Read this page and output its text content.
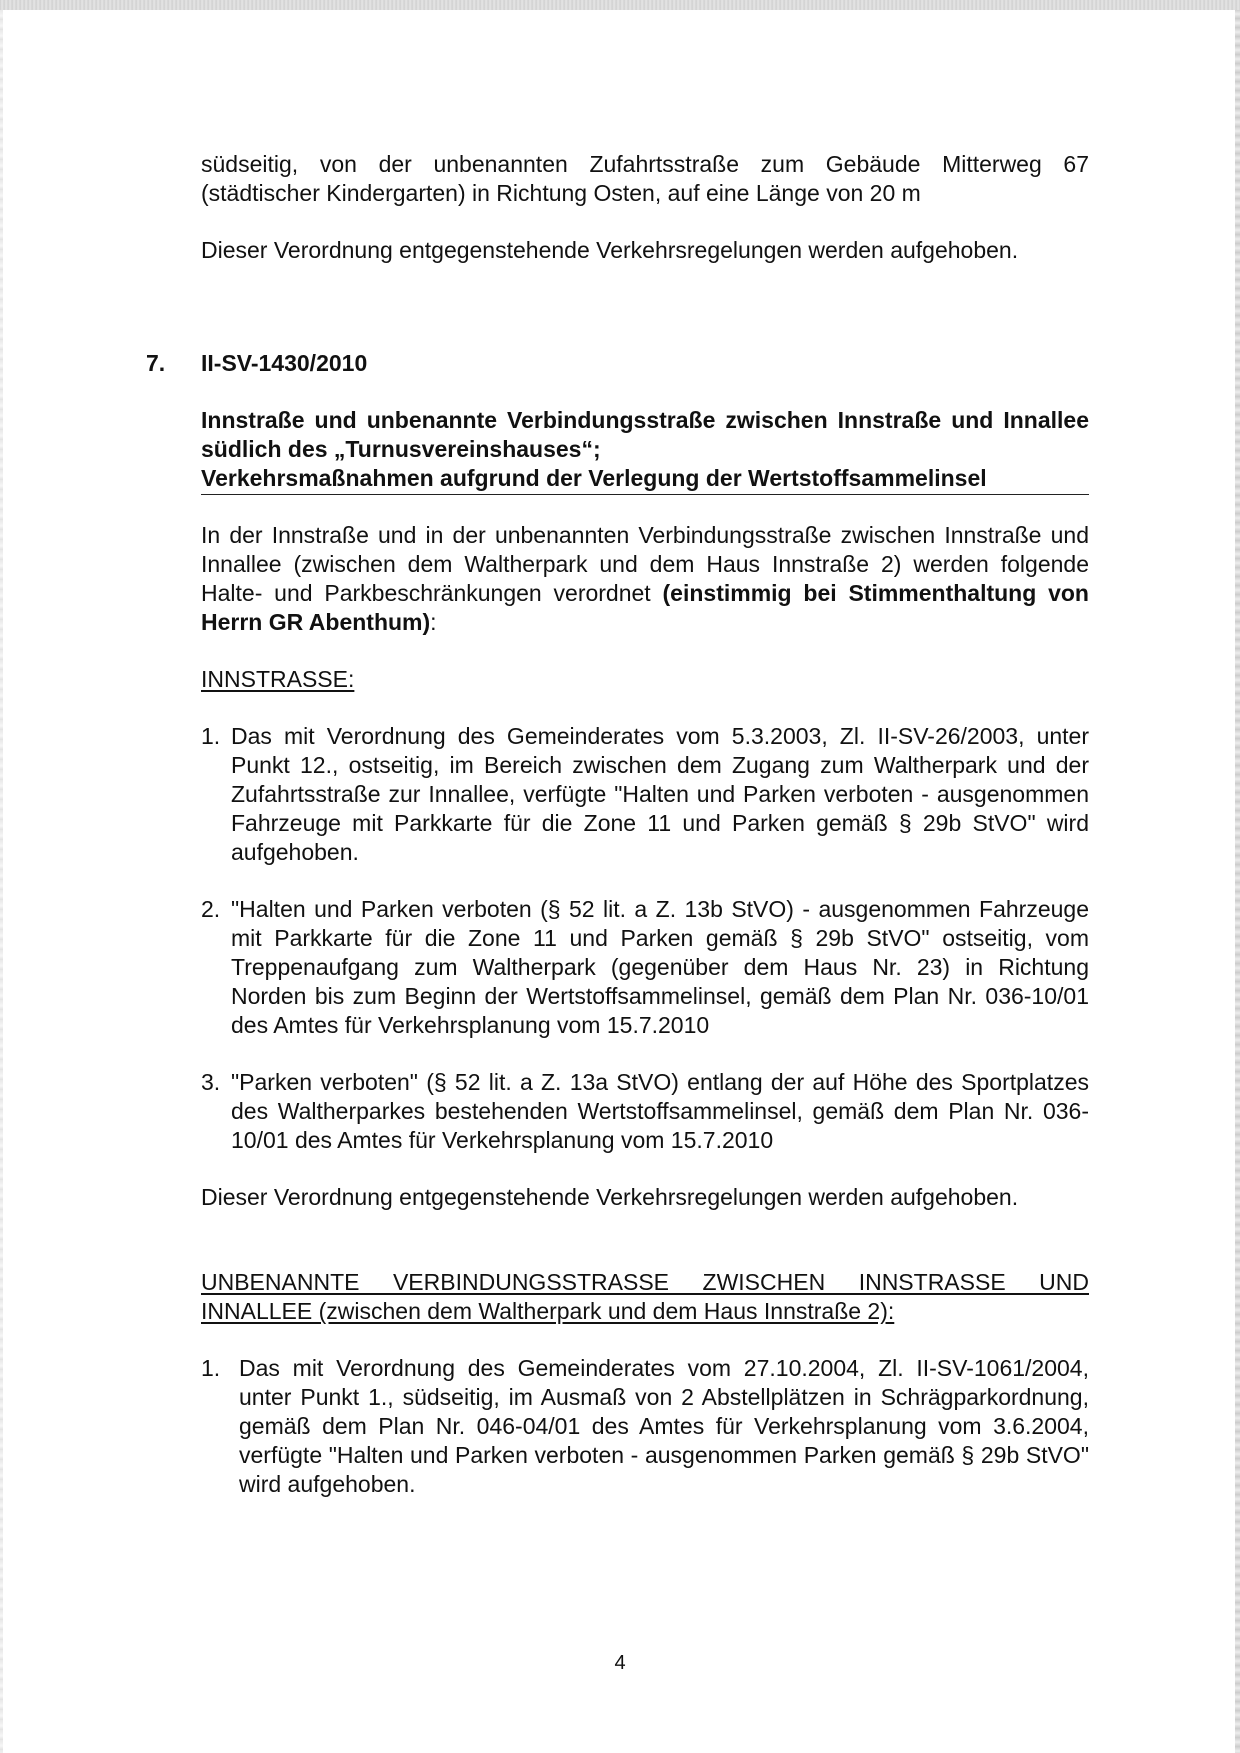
südseitig, von der unbenannten Zufahrtsstraße zum Gebäude Mitterweg 67 (städtischer Kindergarten) in Richtung Osten, auf eine Länge von 20 m

Dieser Verordnung entgegenstehende Verkehrsregelungen werden aufgehoben.

7. II-SV-1430/2010
Innstraße und unbenannte Verbindungsstraße zwischen Innstraße und Innallee südlich des „Turnusvereinshauses“;
Verkehrsmaßnahmen aufgrund der Verlegung der Wertstoffsammelinsel

In der Innstraße und in der unbenannten Verbindungsstraße zwischen Innstraße und Innallee (zwischen dem Waltherpark und dem Haus Innstraße 2) werden folgende Halte- und Parkbeschränkungen verordnet (einstimmig bei Stimmenthaltung von Herrn GR Abenthum):

INNSTRASSE:
1. Das mit Verordnung des Gemeinderates vom 5.3.2003, Zl. II-SV-26/2003, unter Punkt 12., ostseitig, im Bereich zwischen dem Zugang zum Waltherpark und der Zufahrtsstraße zur Innallee, verfügte "Halten und Parken verboten - ausgenommen Fahrzeuge mit Parkkarte für die Zone 11 und Parken gemäß § 29b StVO" wird aufgehoben.
2. "Halten und Parken verboten (§ 52 lit. a Z. 13b StVO) - ausgenommen Fahrzeuge mit Parkkarte für die Zone 11 und Parken gemäß § 29b StVO" ostseitig, vom Treppenaufgang zum Waltherpark (gegenüber dem Haus Nr. 23) in Richtung Norden bis zum Beginn der Wertstoffsammelinsel, gemäß dem Plan Nr. 036-10/01 des Amtes für Verkehrsplanung vom 15.7.2010
3. "Parken verboten" (§ 52 lit. a Z. 13a StVO) entlang der auf Höhe des Sportplatzes des Waltherparkes bestehenden Wertstoffsammelinsel, gemäß dem Plan Nr. 036-10/01 des Amtes für Verkehrsplanung vom 15.7.2010

Dieser Verordnung entgegenstehende Verkehrsregelungen werden aufgehoben.

UNBENANNTE VERBINDUNGSSTRASSE ZWISCHEN INNSTRASSE UND INNALLEE (zwischen dem Waltherpark und dem Haus Innstraße 2):

1. Das mit Verordnung des Gemeinderates vom 27.10.2004, Zl. II-SV-1061/2004, unter Punkt 1., südseitig, im Ausmaß von 2 Abstellplätzen in Schrägparkordnung, gemäß dem Plan Nr. 046-04/01 des Amtes für Verkehrsplanung vom 3.6.2004, verfügte "Halten und Parken verboten - ausgenommen Parken gemäß § 29b StVO" wird aufgehoben.
4
